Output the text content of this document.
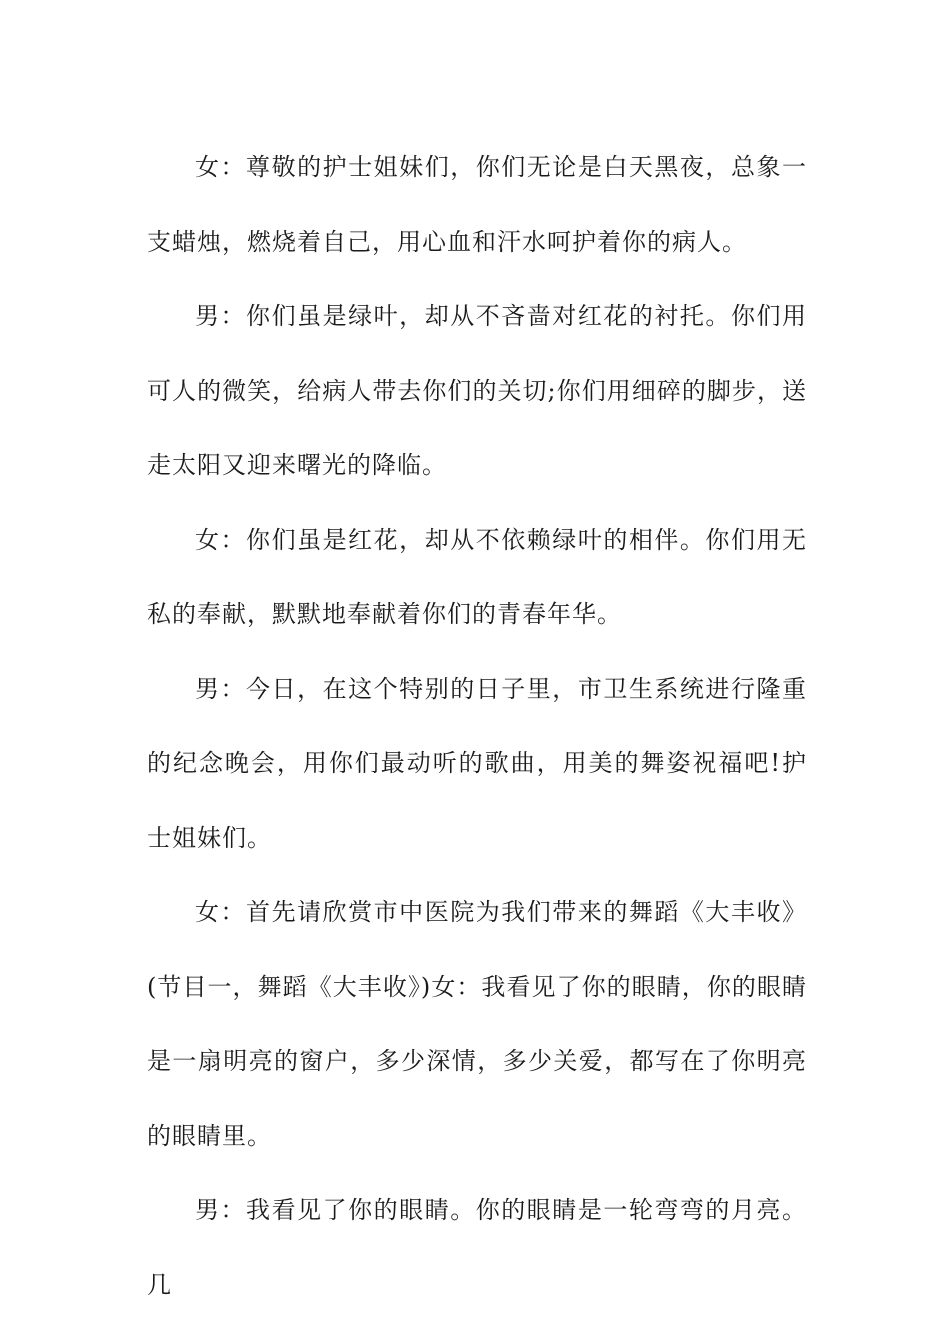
女：尊敬的护士姐妹们，你们无论是白天黑夜，总象一支蜡烛，燃烧着自己，用心血和汗水呵护着你的病人。

男：你们虽是绿叶，却从不吝啬对红花的衬托。你们用可人的微笑，给病人带去你们的关切;你们用细碎的脚步，送走太阳又迎来曙光的降临。

女：你们虽是红花，却从不依赖绿叶的相伴。你们用无私的奉献，默默地奉献着你们的青春年华。

男：今日，在这个特别的日子里，市卫生系统进行隆重的纪念晚会，用你们最动听的歌曲，用美的舞姿祝福吧!护士姐妹们。

女：首先请欣赏市中医院为我们带来的舞蹈《大丰收》(节目一，舞蹈《大丰收》)女：我看见了你的眼睛，你的眼睛是一扇明亮的窗户，多少深情，多少关爱，都写在了你明亮的眼睛里。

男：我看见了你的眼睛。你的眼睛是一轮弯弯的月亮。几
